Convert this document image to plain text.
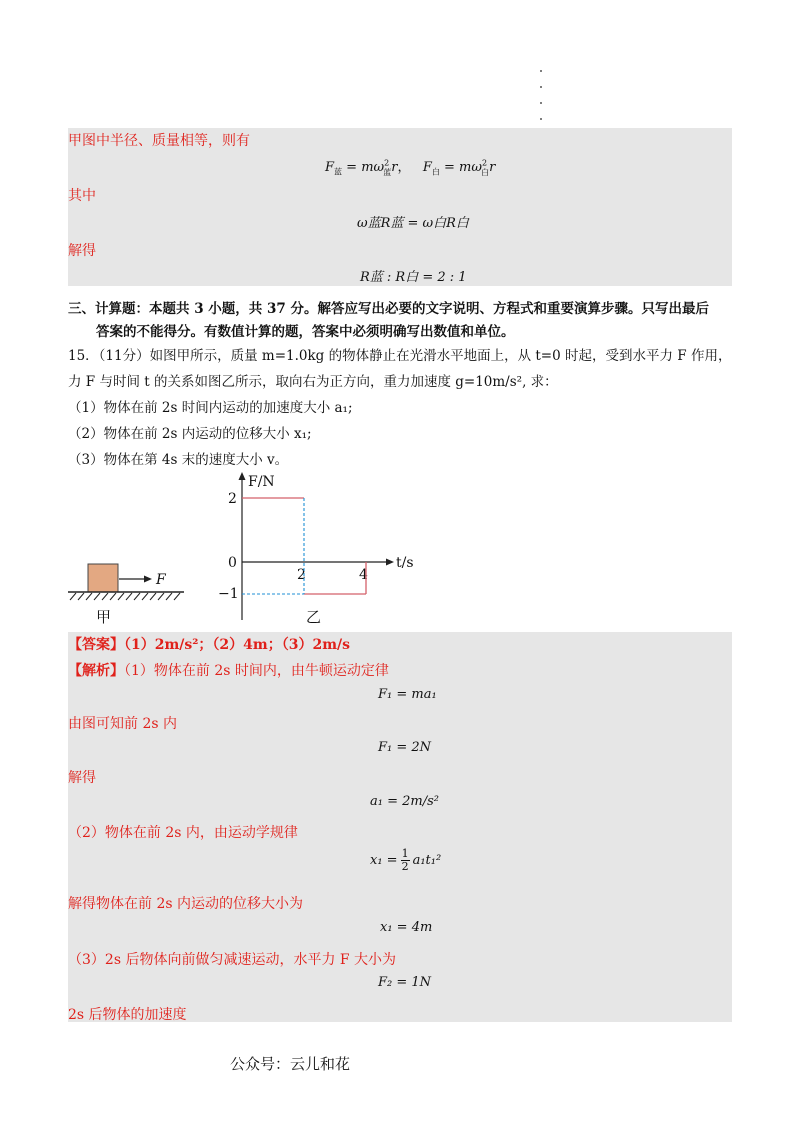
甲图中半径、质量相等，则有
$F_蓝 = m\omega^2_蓝r$， $F_白 = m\omega^2_白r$
其中
ω蓝R蓝 = ω白R白
解得
R蓝 : R白 = 2 : 1
三、计算题：本题共 3 小题，共 37 分。解答应写出必要的文字说明、方程式和重要演算步骤。只写出最后
答案的不能得分。有数值计算的题，答案中必须明确写出数值和单位。
15．（11分）如图甲所示，质量 m=1.0kg 的物体静止在光滑水平地面上，从 t=0 时起，受到水平力 F 作用，
力 F 与时间 t 的关系如图乙所示，取向右为正方向，重力加速度 g=10m/s², 求：
（1）物体在前 2s 时间内运动的加速度大小 a₁;
（2）物体在前 2s 内运动的位移大小 x₁;
（3）物体在第 4s 末的速度大小 v。
F
甲
F/N
t/s
2
0
−1
2	4
乙
【答案】（1）2m/s²；（2）4m；（3）2m/s
【解析】（1）物体在前 2s 时间内，由牛顿运动定律
F₁ = ma₁
由图可知前 2s 内
F₁ = 2N
解得
a₁ = 2m/s²
（2）物体在前 2s 内，由运动学规律
x₁ = 1
2 a₁t₁²
解得物体在前 2s 内运动的位移大小为
x₁ = 4m
（3）2s 后物体向前做匀减速运动，水平力 F 大小为
F₂ = 1N
2s 后物体的加速度
公众号：云儿和花
